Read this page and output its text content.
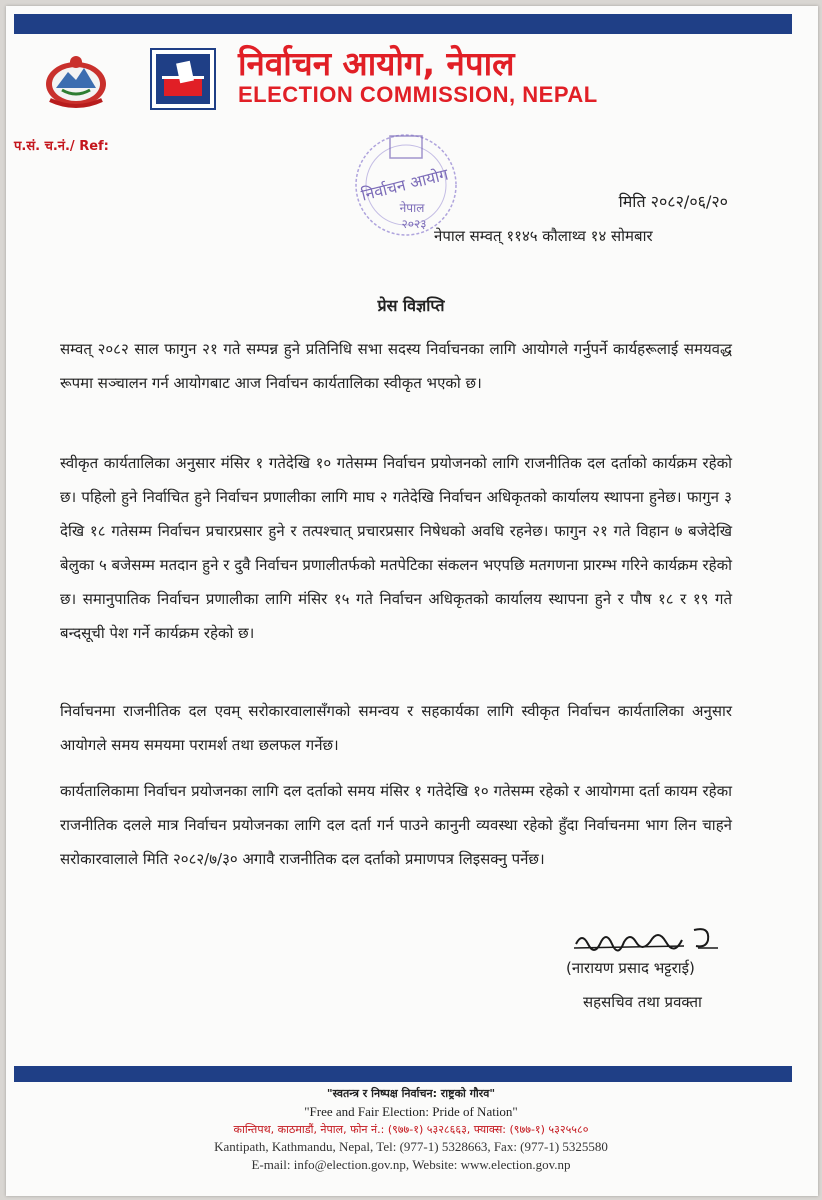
निर्वाचन आयोग, नेपाल
ELECTION COMMISSION, NEPAL
प.सं. च.नं./ Ref:
निर्वाचन आयोग
नेपाल
२०२३
मिति २०८२/०६/२०
नेपाल सम्वत् ११४५ कौलाथ्व १४ सोमबार
प्रेस विज्ञप्ति

सम्वत् २०८२ साल फागुन २१ गते सम्पन्न हुने प्रतिनिधि सभा सदस्य निर्वाचनका लागि आयोगले गर्नुपर्ने कार्यहरूलाई समयवद्ध रूपमा सञ्चालन गर्न आयोगबाट आज निर्वाचन कार्यतालिका स्वीकृत भएको छ।

स्वीकृत कार्यतालिका अनुसार मंसिर १ गतेदेखि १० गतेसम्म निर्वाचन प्रयोजनको लागि राजनीतिक दल दर्ताको कार्यक्रम रहेको छ। पहिलो हुने निर्वाचित हुने निर्वाचन प्रणालीका लागि माघ २ गतेदेखि निर्वाचन अधिकृतको कार्यालय स्थापना हुनेछ। फागुन ३ देखि १८ गतेसम्म निर्वाचन प्रचारप्रसार हुने र तत्पश्चात् प्रचारप्रसार निषेधको अवधि रहनेछ। फागुन २१ गते विहान ७ बजेदेखि बेलुका ५ बजेसम्म मतदान हुने र दुवै निर्वाचन प्रणालीतर्फको मतपेटिका संकलन भएपछि मतगणना प्रारम्भ गरिने कार्यक्रम रहेको छ। समानुपातिक निर्वाचन प्रणालीका लागि मंसिर १५ गते निर्वाचन अधिकृतको कार्यालय स्थापना हुने र पौष १८ र १९ गते बन्दसूची पेश गर्ने कार्यक्रम रहेको छ।

निर्वाचनमा राजनीतिक दल एवम् सरोकारवालासँगको समन्वय र सहकार्यका लागि स्वीकृत निर्वाचन कार्यतालिका अनुसार आयोगले समय समयमा परामर्श तथा छलफल गर्नेछ।

कार्यतालिकामा निर्वाचन प्रयोजनका लागि दल दर्ताको समय मंसिर १ गतेदेखि १० गतेसम्म रहेको र आयोगमा दर्ता कायम रहेका राजनीतिक दलले मात्र निर्वाचन प्रयोजनका लागि दल दर्ता गर्न पाउने कानुनी व्यवस्था रहेको हुँदा निर्वाचनमा भाग लिन चाहने सरोकारवालाले मिति २०८२/७/३० अगावै राजनीतिक दल दर्ताको प्रमाणपत्र लिइसक्नु पर्नेछ।

(नारायण प्रसाद भट्टराई)
सहसचिव तथा प्रवक्ता
"स्वतन्त्र र निष्पक्ष निर्वाचन: राष्ट्रको गौरव"
"Free and Fair Election: Pride of Nation"
कान्तिपथ, काठमाडौं, नेपाल, फोन नं.: (९७७-१) ५३२८६६३, फ्याक्स: (९७७-१) ५३२५५८०
Kantipath, Kathmandu, Nepal, Tel: (977-1) 5328663, Fax: (977-1) 5325580
E-mail: info@election.gov.np, Website: www.election.gov.np
